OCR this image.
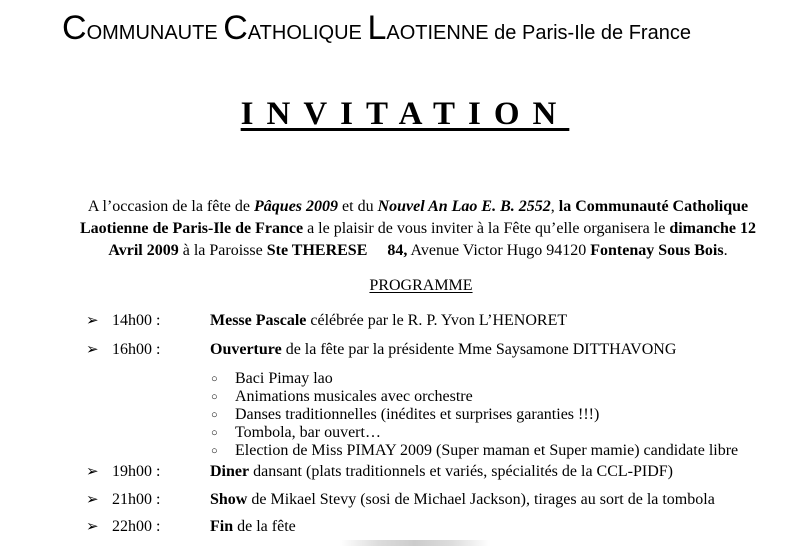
COMMUNAUTE CATHOLIQUE LAOTIENNE de Paris-Ile de France
INVITATION
A l’occasion de la fête de Pâques 2009 et du Nouvel An Lao E. B. 2552, la Communauté Catholique Laotienne de Paris-Ile de France a le plaisir de vous inviter à la Fête qu’elle organisera le dimanche 12 Avril 2009 à la Paroisse Ste THERESE 84, Avenue Victor Hugo 94120 Fontenay Sous Bois.
PROGRAMME
➢ 14h00 :	Messe Pascale célébrée par le R. P. Yvon L’HENORET
➢ 16h00 :	Ouverture de la fête par la présidente Mme Saysamone DITTHAVONG
○ Baci Pimay lao
○ Animations musicales avec orchestre
○ Danses traditionnelles (inédites et surprises garanties !!!)
○ Tombola, bar ouvert…
○ Election de Miss PIMAY 2009 (Super maman et Super mamie) candidate libre
➢ 19h00 :	Diner dansant (plats traditionnels et variés, spécialités de la CCL-PIDF)
➢ 21h00 :	Show de Mikael Stevy (sosi de Michael Jackson), tirages au sort de la tombola
➢ 22h00 :	Fin de la fête
